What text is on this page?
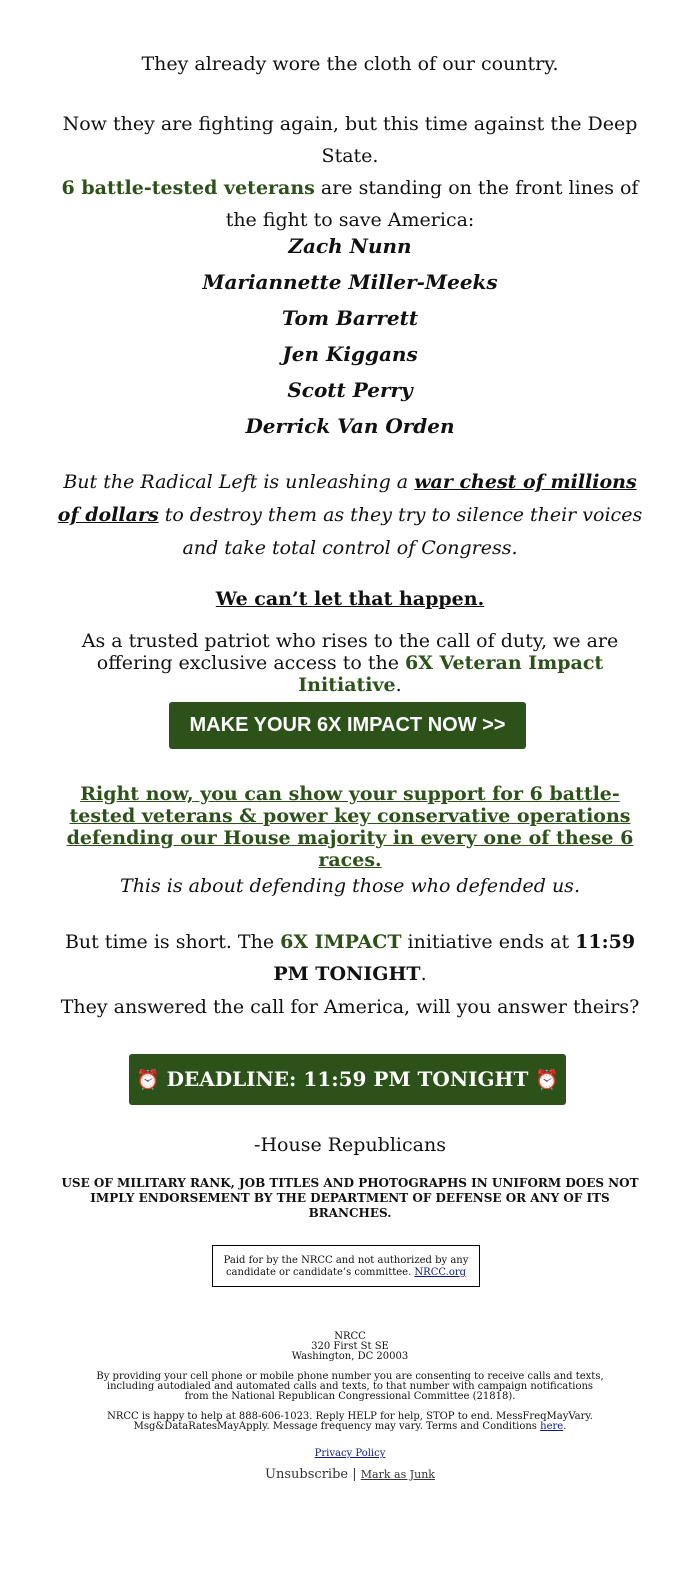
They already wore the cloth of our country.

Now they are fighting again, but this time against the Deep State.
6 battle-tested veterans are standing on the front lines of the fight to save America:

Zach Nunn
Mariannette Miller-Meeks
Tom Barrett
Jen Kiggans
Scott Perry
Derrick Van Orden

But the Radical Left is unleashing a war chest of millions of dollars to destroy them as they try to silence their voices and take total control of Congress.

We can’t let that happen.

As a trusted patriot who rises to the call of duty, we are offering exclusive access to the 6X Veteran Impact Initiative.

MAKE YOUR 6X IMPACT NOW >>

Right now, you can show your support for 6 battle-tested veterans & power key conservative operations defending our House majority in every one of these 6 races.

This is about defending those who defended us.

But time is short. The 6X IMPACT initiative ends at 11:59 PM TONIGHT.

They answered the call for America, will you answer theirs?

⏰ DEADLINE: 11:59 PM TONIGHT ⏰

-House Republicans

USE OF MILITARY RANK, JOB TITLES AND PHOTOGRAPHS IN UNIFORM DOES NOT IMPLY ENDORSEMENT BY THE DEPARTMENT OF DEFENSE OR ANY OF ITS BRANCHES.

Paid for by the NRCC and not authorized by any candidate or candidate’s committee. NRCC.org

NRCC

320 First St SE

Washington, DC 20003

By providing your cell phone or mobile phone number you are consenting to receive calls and texts, including autodialed and automated calls and texts, to that number with campaign notifications from the National Republican Congressional Committee (21818).

NRCC is happy to help at 888-606-1023. Reply HELP for help, STOP to end. MessFreqMayVary. Msg&DataRatesMayApply. Message frequency may vary. Terms and Conditions here.

Privacy Policy

Unsubscribe | Mark as Junk
